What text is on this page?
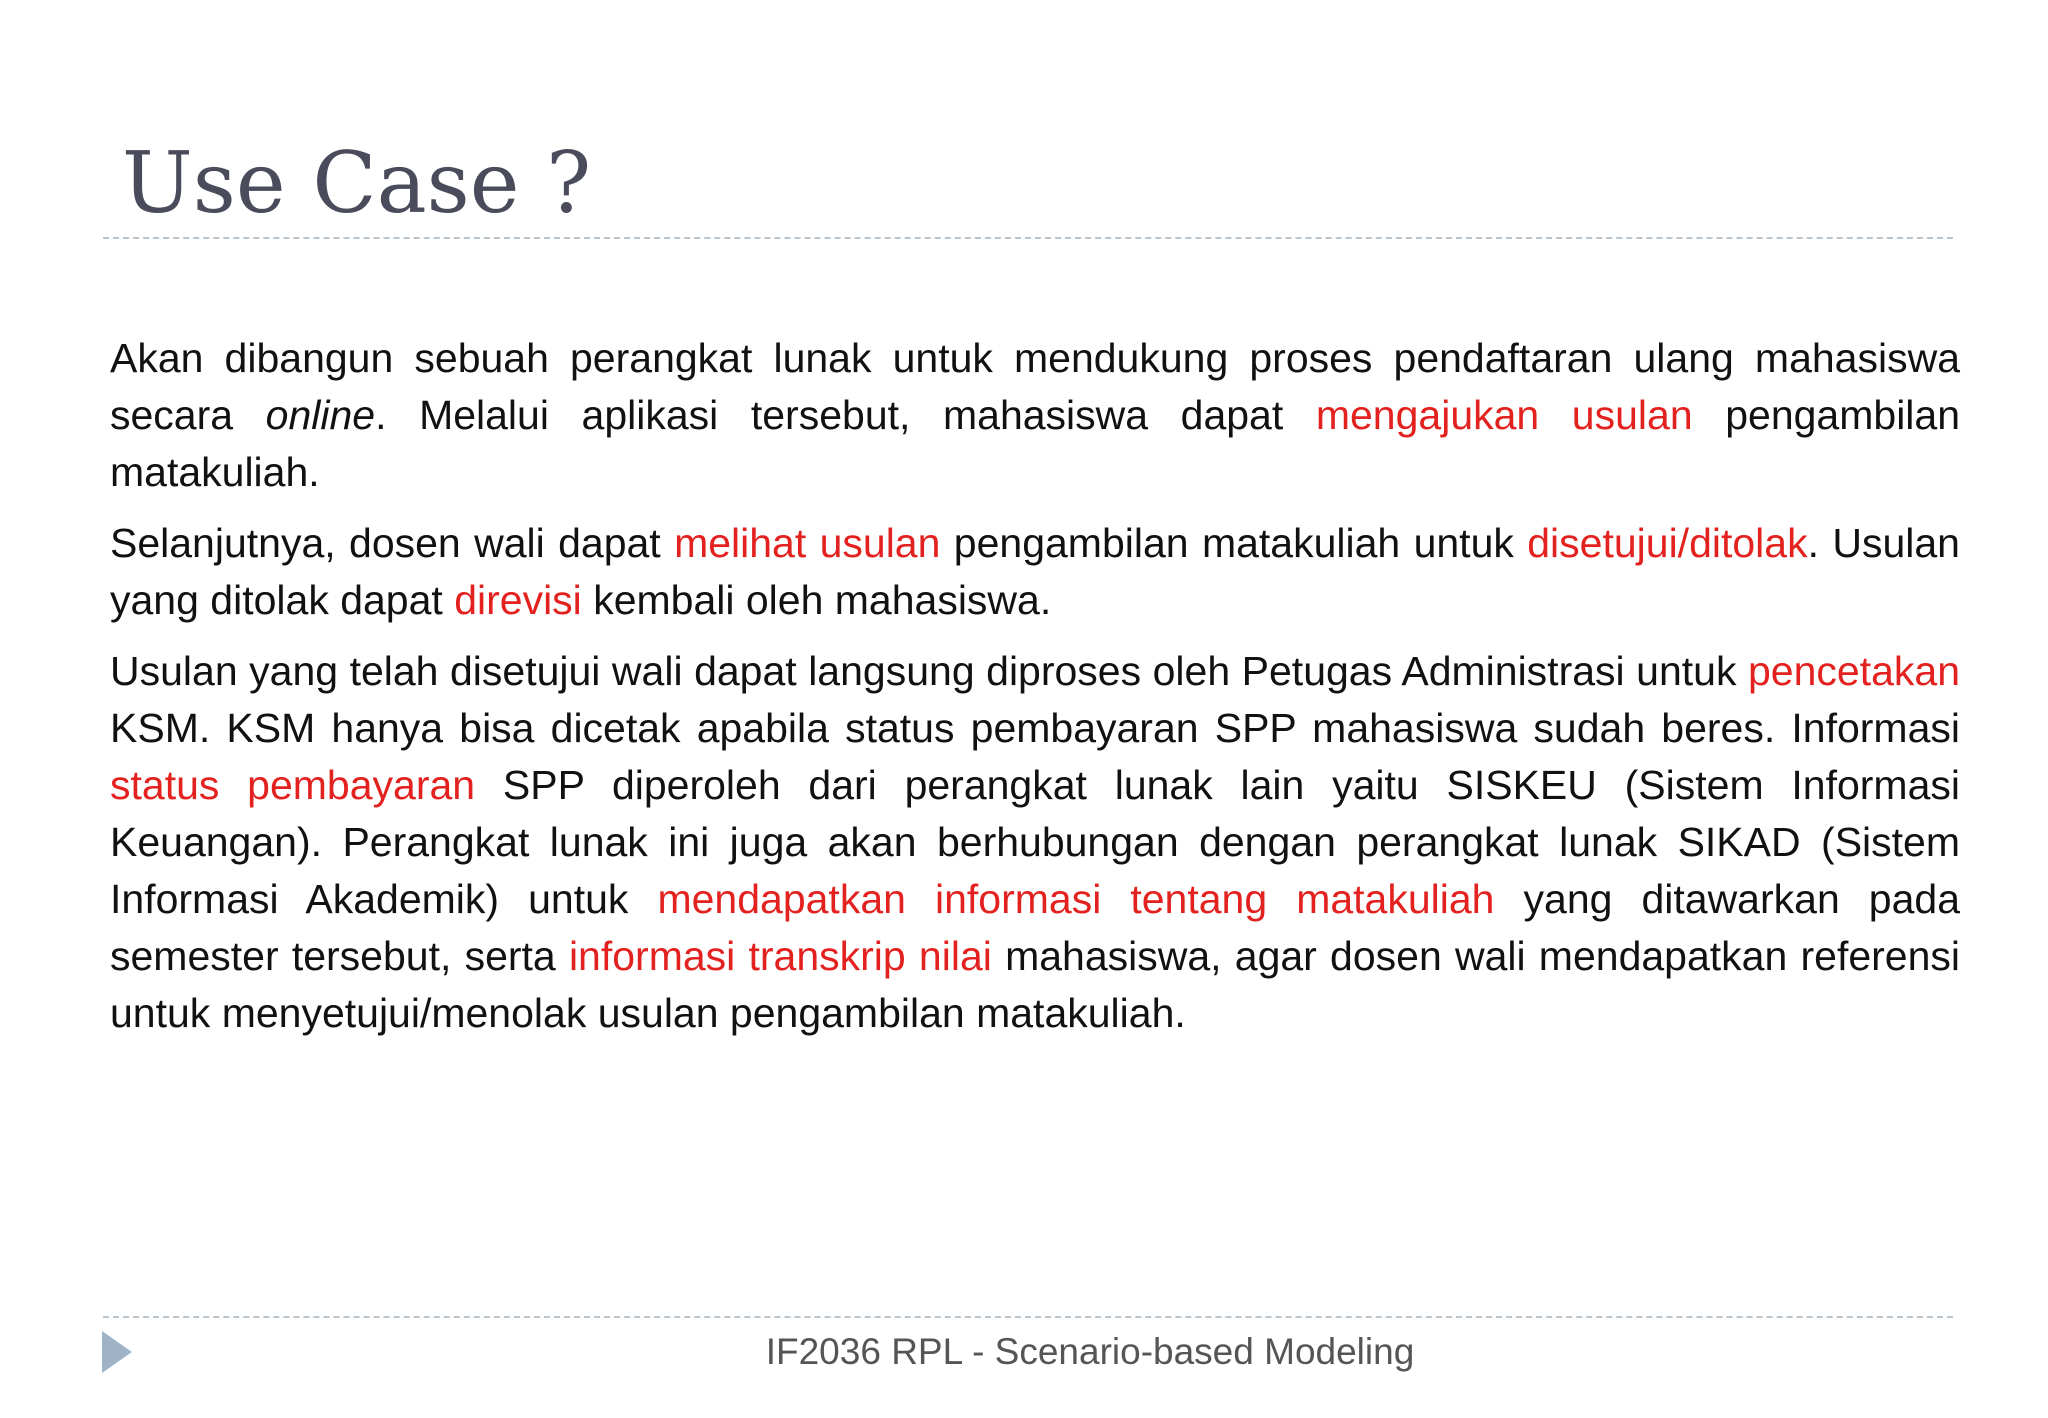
Use Case ?

Akan dibangun sebuah perangkat lunak untuk mendukung proses pendaftaran ulang mahasiswa secara online. Melalui aplikasi tersebut, mahasiswa dapat mengajukan usulan pengambilan matakuliah.

Selanjutnya, dosen wali dapat melihat usulan pengambilan matakuliah untuk disetujui/ditolak. Usulan yang ditolak dapat direvisi kembali oleh mahasiswa.

Usulan yang telah disetujui wali dapat langsung diproses oleh Petugas Administrasi untuk pencetakan KSM. KSM hanya bisa dicetak apabila status pembayaran SPP mahasiswa sudah beres. Informasi status pembayaran SPP diperoleh dari perangkat lunak lain yaitu SISKEU (Sistem Informasi Keuangan). Perangkat lunak ini juga akan berhubungan dengan perangkat lunak SIKAD (Sistem Informasi Akademik) untuk mendapatkan informasi tentang matakuliah yang ditawarkan pada semester tersebut, serta informasi transkrip nilai mahasiswa, agar dosen wali mendapatkan referensi untuk menyetujui/menolak usulan pengambilan matakuliah.

IF2036 RPL - Scenario-based Modeling
